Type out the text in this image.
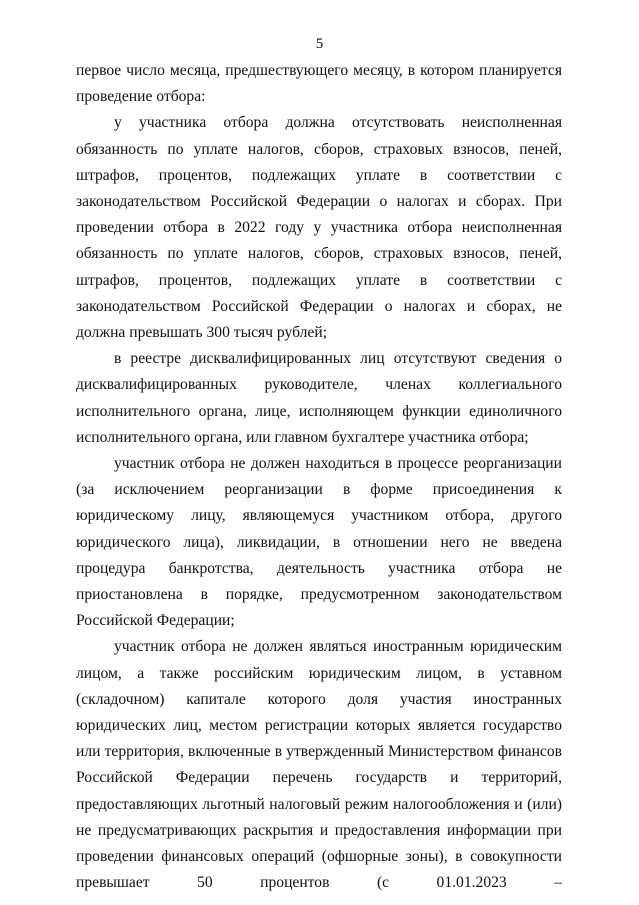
5

первое число месяца, предшествующего месяцу, в котором планируется проведение отбора:

у участника отбора должна отсутствовать неисполненная обязанность по уплате налогов, сборов, страховых взносов, пеней, штрафов, процентов, подлежащих уплате в соответствии с законодательством Российской Федерации о налогах и сборах. При проведении отбора в 2022 году у участника отбора неисполненная обязанность по уплате налогов, сборов, страховых взносов, пеней, штрафов, процентов, подлежащих уплате в соответствии с законодательством Российской Федерации о налогах и сборах, не должна превышать 300 тысяч рублей;

в реестре дисквалифицированных лиц отсутствуют сведения о дисквалифицированных руководителе, членах коллегиального исполнительного органа, лице, исполняющем функции единоличного исполнительного органа, или главном бухгалтере участника отбора;

участник отбора не должен находиться в процессе реорганизации (за исключением реорганизации в форме присоединения к юридическому лицу, являющемуся участником отбора, другого юридического лица), ликвидации, в отношении него не введена процедура банкротства, деятельность участника отбора не приостановлена в порядке, предусмотренном законодательством Российской Федерации;

участник отбора не должен являться иностранным юридическим лицом, а также российским юридическим лицом, в уставном (складочном) капитале которого доля участия иностранных юридических лиц, местом регистрации которых является государство или территория, включенные в утвержденный Министерством финансов Российской Федерации перечень государств и территорий, предоставляющих льготный налоговый режим налогообложения и (или) не предусматривающих раскрытия и предоставления информации при проведении финансовых операций (офшорные зоны), в совокупности превышает 50 процентов (с 01.01.2023 –
